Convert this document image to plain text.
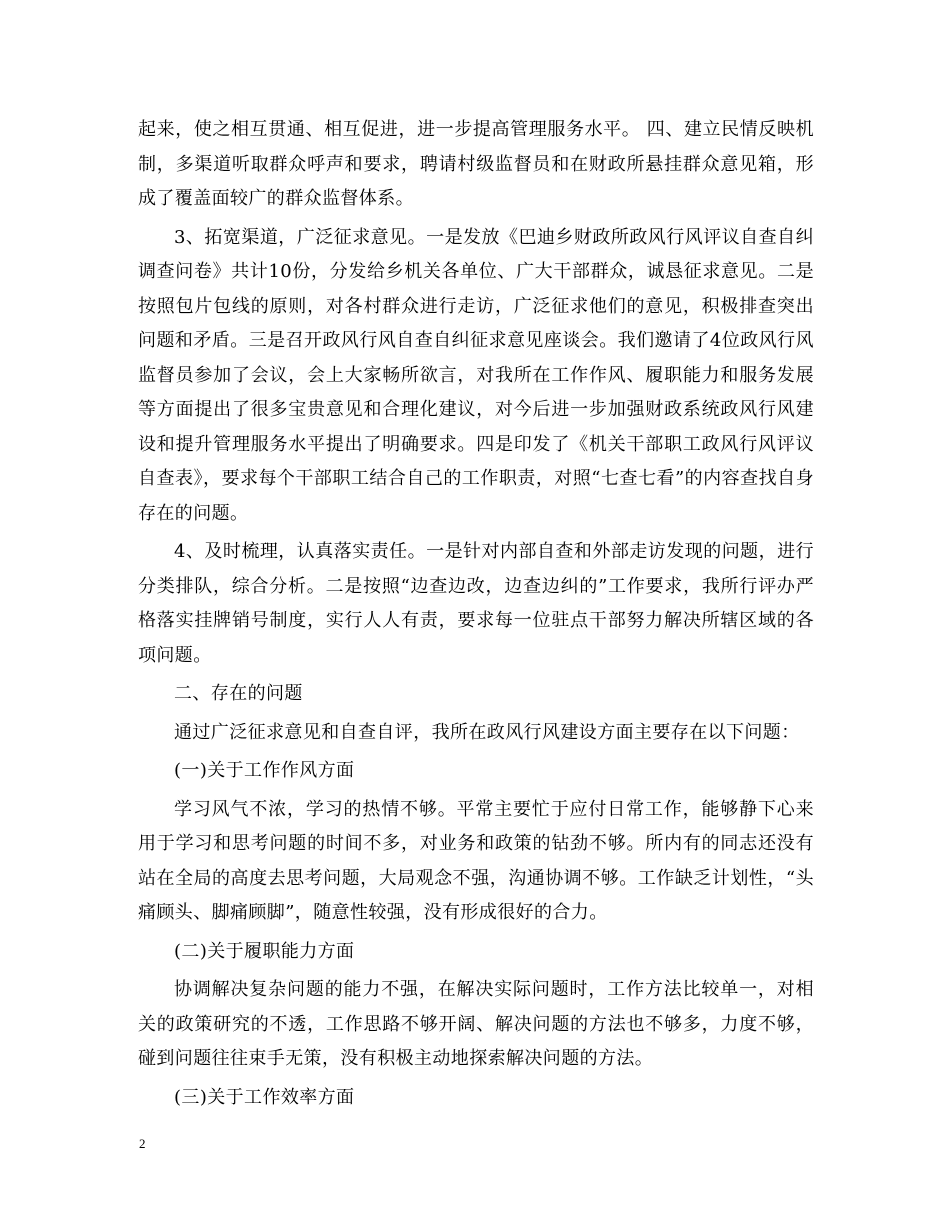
起来，使之相互贯通、相互促进，进一步提高管理服务水平。 四、建立民情反映机制，多渠道听取群众呼声和要求，聘请村级监督员和在财政所悬挂群众意见箱，形成了覆盖面较广的群众监督体系。

3、拓宽渠道，广泛征求意见。一是发放《巴迪乡财政所政风行风评议自查自纠调查问卷》共计10份，分发给乡机关各单位、广大干部群众，诚恳征求意见。二是按照包片包线的原则，对各村群众进行走访，广泛征求他们的意见，积极排查突出问题和矛盾。三是召开政风行风自查自纠征求意见座谈会。我们邀请了4位政风行风监督员参加了会议，会上大家畅所欲言，对我所在工作作风、履职能力和服务发展等方面提出了很多宝贵意见和合理化建议，对今后进一步加强财政系统政风行风建设和提升管理服务水平提出了明确要求。四是印发了《机关干部职工政风行风评议自查表》，要求每个干部职工结合自己的工作职责，对照“七查七看”的内容查找自身存在的问题。

4、及时梳理，认真落实责任。一是针对内部自查和外部走访发现的问题，进行分类排队，综合分析。二是按照“边查边改，边查边纠的”工作要求，我所行评办严格落实挂牌销号制度，实行人人有责，要求每一位驻点干部努力解决所辖区域的各项问题。

二、存在的问题

通过广泛征求意见和自查自评，我所在政风行风建设方面主要存在以下问题：

(一)关于工作作风方面

学习风气不浓，学习的热情不够。平常主要忙于应付日常工作，能够静下心来用于学习和思考问题的时间不多，对业务和政策的钻劲不够。所内有的同志还没有站在全局的高度去思考问题，大局观念不强，沟通协调不够。工作缺乏计划性，“头痛顾头、脚痛顾脚”，随意性较强，没有形成很好的合力。

(二)关于履职能力方面

协调解决复杂问题的能力不强，在解决实际问题时，工作方法比较单一，对相关的政策研究的不透，工作思路不够开阔、解决问题的方法也不够多，力度不够，碰到问题往往束手无策，没有积极主动地探索解决问题的方法。

(三)关于工作效率方面

2
